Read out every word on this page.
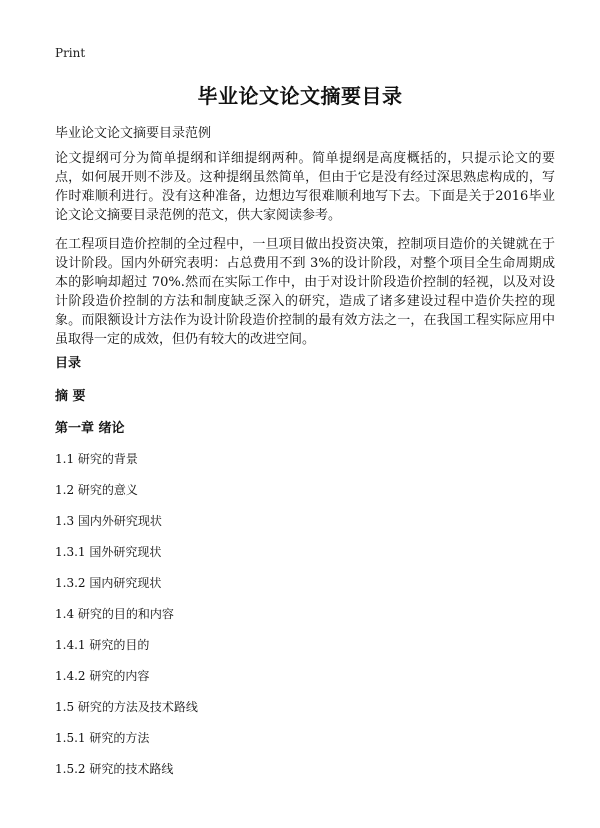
Print
毕业论文论文摘要目录
毕业论文论文摘要目录范例

论文提纲可分为简单提纲和详细提纲两种。简单提纲是高度概括的，只提示论文的要点，如何展开则不涉及。这种提纲虽然简单，但由于它是没有经过深思熟虑构成的，写作时难顺利进行。没有这种准备，边想边写很难顺利地写下去。下面是关于2016毕业论文论文摘要目录范例的范文，供大家阅读参考。

在工程项目造价控制的全过程中，一旦项目做出投资决策，控制项目造价的关键就在于设计阶段。国内外研究表明：占总费用不到 3%的设计阶段，对整个项目全生命周期成本的影响却超过 70%.然而在实际工作中，由于对设计阶段造价控制的轻视，以及对设计阶段造价控制的方法和制度缺乏深入的研究，造成了诸多建设过程中造价失控的现象。而限额设计方法作为设计阶段造价控制的最有效方法之一，在我国工程实际应用中虽取得一定的成效，但仍有较大的改进空间。

目录
摘 要
第一章 绪论
1.1 研究的背景
1.2 研究的意义
1.3 国内外研究现状
1.3.1 国外研究现状
1.3.2 国内研究现状
1.4 研究的目的和内容
1.4.1 研究的目的
1.4.2 研究的内容
1.5 研究的方法及技术路线
1.5.1 研究的方法
1.5.2 研究的技术路线
